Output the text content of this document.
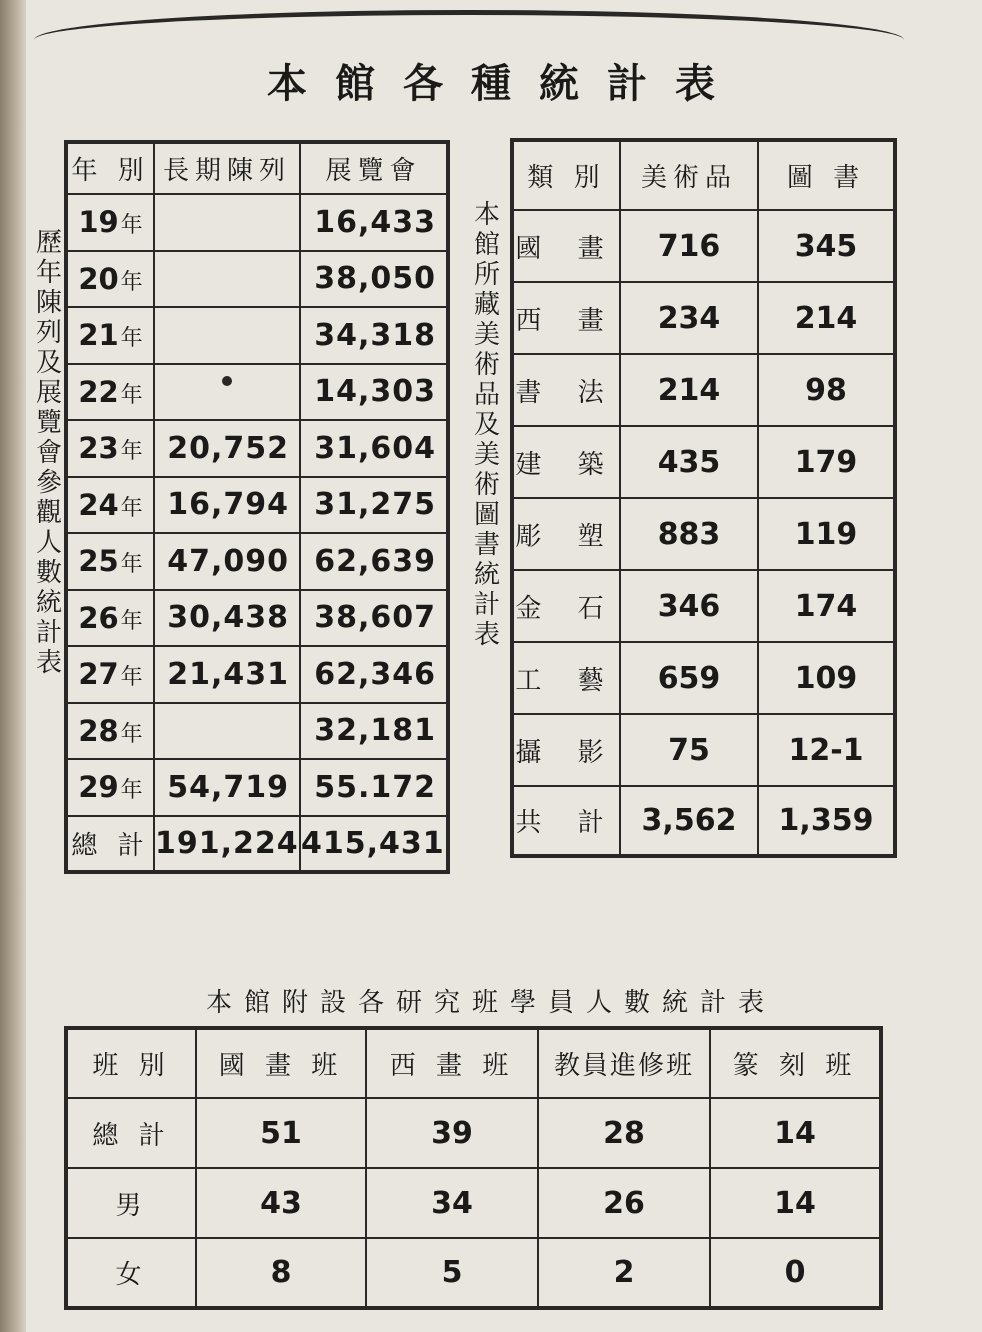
本館各種統計表
歷年陳列及展覽會參觀人數統計表
本館所藏美術品及美術圖書統計表
年 別	長期陳列	展覽會
19年		16,433
20年		38,050
21年		34,318
22年		14,303
23年	20,752	31,604
24年	16,794	31,275
25年	47,090	62,639
26年	30,438	38,607
27年	21,431	62,346
28年		32,181
29年	54,719	55.172
總 計	191,224	415,431
類 別	美術品	圖 書
國 畫	716	345
西 畫	234	214
書 法	214	98
建 築	435	179
彫 塑	883	119
金 石	346	174
工 藝	659	109
攝 影	75	12-1
共 計	3,562	1,359
本館附設各研究班學員人數統計表
班 別	國 畫 班	西 畫 班	教員進修班	篆 刻 班
總 計	51	39	28	14
男	43	34	26	14
女	8	5	2	0
